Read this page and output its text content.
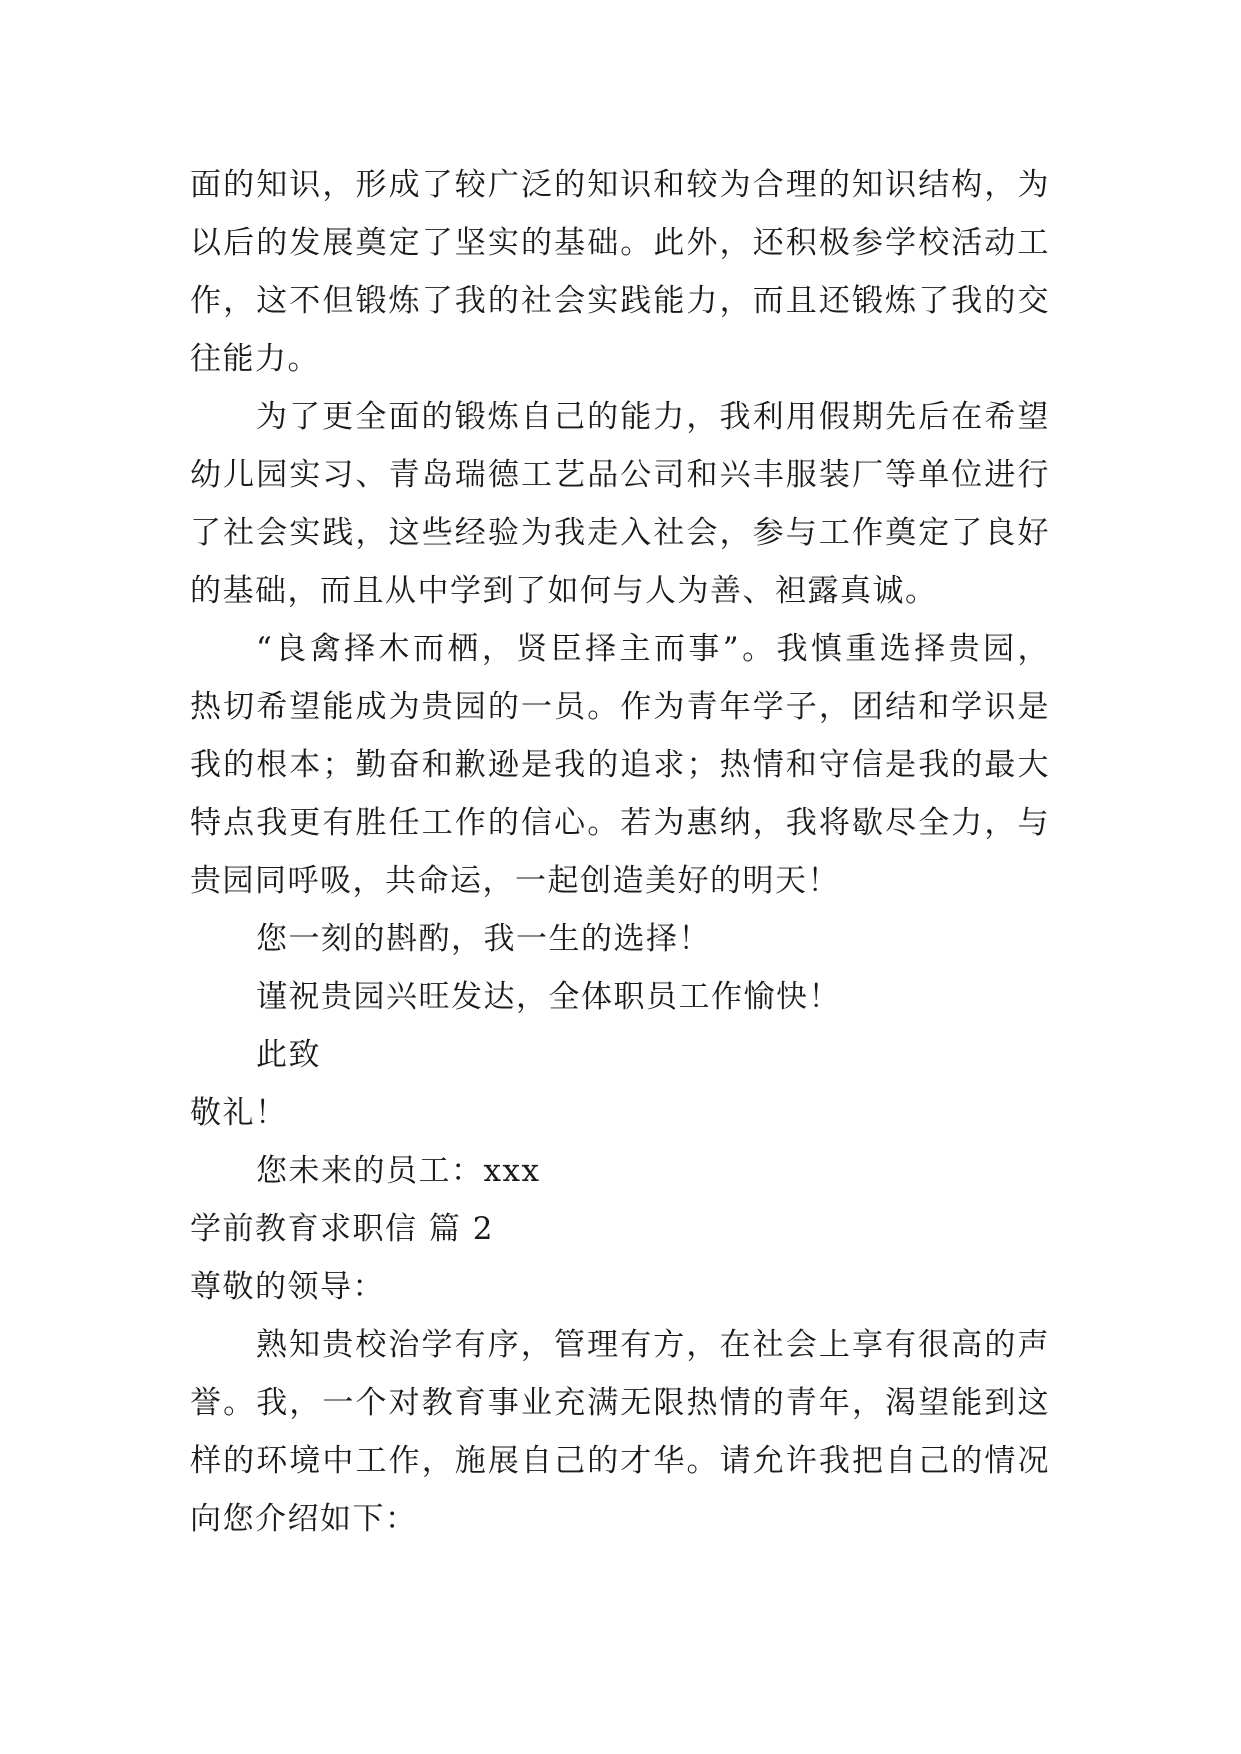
面的知识，形成了较广泛的知识和较为合理的知识结构，为
以后的发展奠定了坚实的基础。此外，还积极参学校活动工
作，这不但锻炼了我的社会实践能力，而且还锻炼了我的交
往能力。
为了更全面的锻炼自己的能力，我利用假期先后在希望
幼儿园实习、青岛瑞德工艺品公司和兴丰服装厂等单位进行
了社会实践，这些经验为我走入社会，参与工作奠定了良好
的基础，而且从中学到了如何与人为善、袒露真诚。
“良禽择木而栖，贤臣择主而事”。我慎重选择贵园，
热切希望能成为贵园的一员。作为青年学子，团结和学识是
我的根本；勤奋和歉逊是我的追求；热情和守信是我的最大
特点我更有胜任工作的信心。若为惠纳，我将歇尽全力，与
贵园同呼吸，共命运，一起创造美好的明天！
您一刻的斟酌，我一生的选择！
谨祝贵园兴旺发达，全体职员工作愉快！
此致
敬礼！
您未来的员工：xxx
学前教育求职信 篇 2
尊敬的领导：
熟知贵校治学有序，管理有方，在社会上享有很高的声
誉。我，一个对教育事业充满无限热情的青年，渴望能到这
样的环境中工作，施展自己的才华。请允许我把自己的情况
向您介绍如下：
